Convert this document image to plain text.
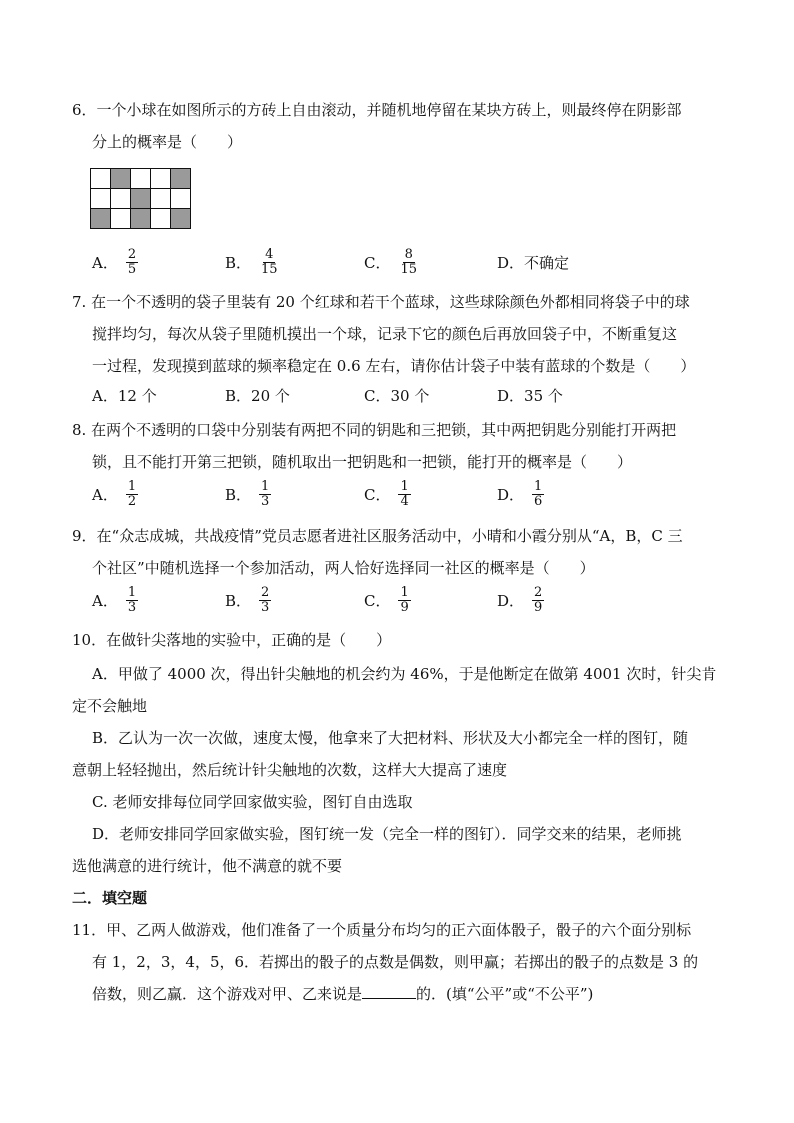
6．一个小球在如图所示的方砖上自由滚动，并随机地停留在某块方砖上，则最终停在阴影部
分上的概率是（　　）

A． $\frac{2}{5}$	B． $\frac{4}{15}$	C． $\frac{8}{15}$	D． 不确定
7. 在一个不透明的袋子里装有 20 个红球和若干个蓝球，这些球除颜色外都相同将袋子中的球
搅拌均匀，每次从袋子里随机摸出一个球，记录下它的颜色后再放回袋子中，不断重复这
一过程，发现摸到蓝球的频率稳定在 0.6 左右，请你估计袋子中装有蓝球的个数是（　　）
A．12 个	B．20 个	C．30 个	D．35 个
8. 在两个不透明的口袋中分别装有两把不同的钥匙和三把锁，其中两把钥匙分别能打开两把
锁，且不能打开第三把锁，随机取出一把钥匙和一把锁，能打开的概率是（　　）
A． $\frac{1}{2}$	B． $\frac{1}{3}$	C． $\frac{1}{4}$	D． $\frac{1}{6}$
9．在“众志成城，共战疫情”党员志愿者进社区服务活动中，小晴和小霞分别从“A，B，C 三
个社区”中随机选择一个参加活动，两人恰好选择同一社区的概率是（　　）
A． $\frac{1}{3}$	B． $\frac{2}{3}$	C． $\frac{1}{9}$	D． $\frac{2}{9}$
10．在做针尖落地的实验中，正确的是（　　）
A．甲做了 4000 次，得出针尖触地的机会约为 46%，于是他断定在做第 4001 次时，针尖肯
定不会触地
B．乙认为一次一次做，速度太慢，他拿来了大把材料、形状及大小都完全一样的图钉，随
意朝上轻轻抛出，然后统计针尖触地的次数，这样大大提高了速度
C. 老师安排每位同学回家做实验，图钉自由选取
D．老师安排同学回家做实验，图钉统一发（完全一样的图钉）．同学交来的结果，老师挑
选他满意的进行统计，他不满意的就不要
二．填空题
11．甲、乙两人做游戏，他们准备了一个质量分布均匀的正六面体骰子，骰子的六个面分别标
有 1，2，3，4，5，6．若掷出的骰子的点数是偶数，则甲赢；若掷出的骰子的点数是 3 的
倍数，则乙赢．这个游戏对甲、乙来说是	的．(填“公平”或“不公平”)
